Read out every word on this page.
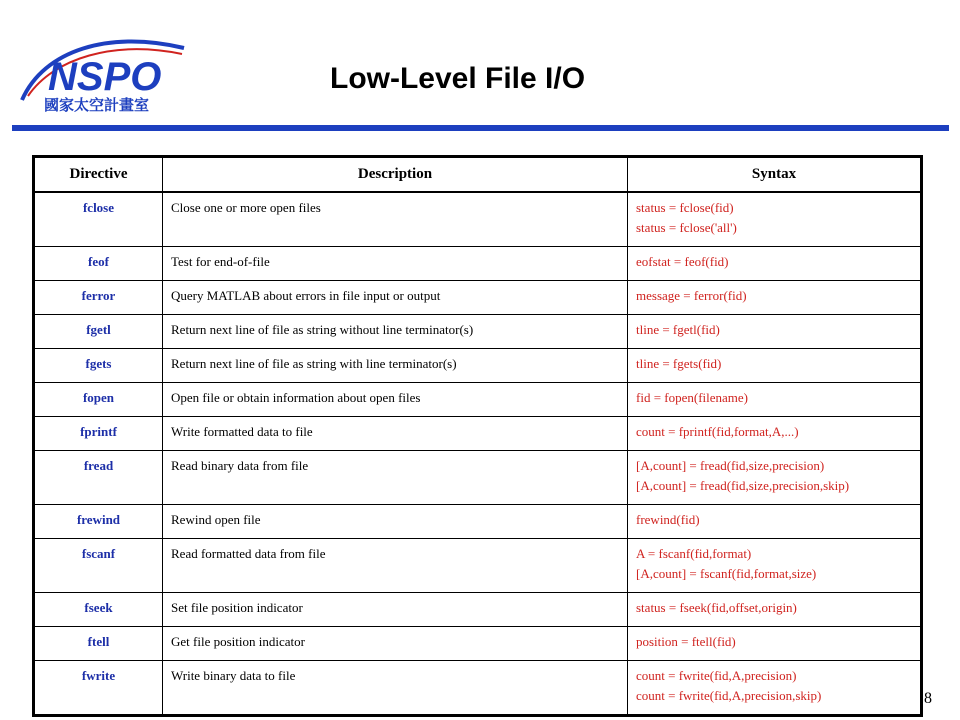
NSPO
國家太空計畫室
Low-Level File I/O
Directive	Description	Syntax
fclose	Close one or more open files	status = fclose(fid)
status = fclose('all')

feof	Test for end-of-file	eofstat = feof(fid)

ferror	Query MATLAB about errors in file input or output	message = ferror(fid)

fgetl	Return next line of file as string without line terminator(s)	tline = fgetl(fid)

fgets	Return next line of file as string with line terminator(s)	tline = fgets(fid)

fopen	Open file or obtain information about open files	fid = fopen(filename)

fprintf	Write formatted data to file	count = fprintf(fid,format,A,...)

fread	Read binary data from file	[A,count] = fread(fid,size,precision)
[A,count] = fread(fid,size,precision,skip)

frewind	Rewind open file	frewind(fid)

fscanf	Read formatted data from file	A = fscanf(fid,format)
[A,count] = fscanf(fid,format,size)

fseek	Set file position indicator	status = fseek(fid,offset,origin)

ftell	Get file position indicator	position = ftell(fid)

fwrite	Write binary data to file	count = fwrite(fid,A,precision)
count = fwrite(fid,A,precision,skip)	8
